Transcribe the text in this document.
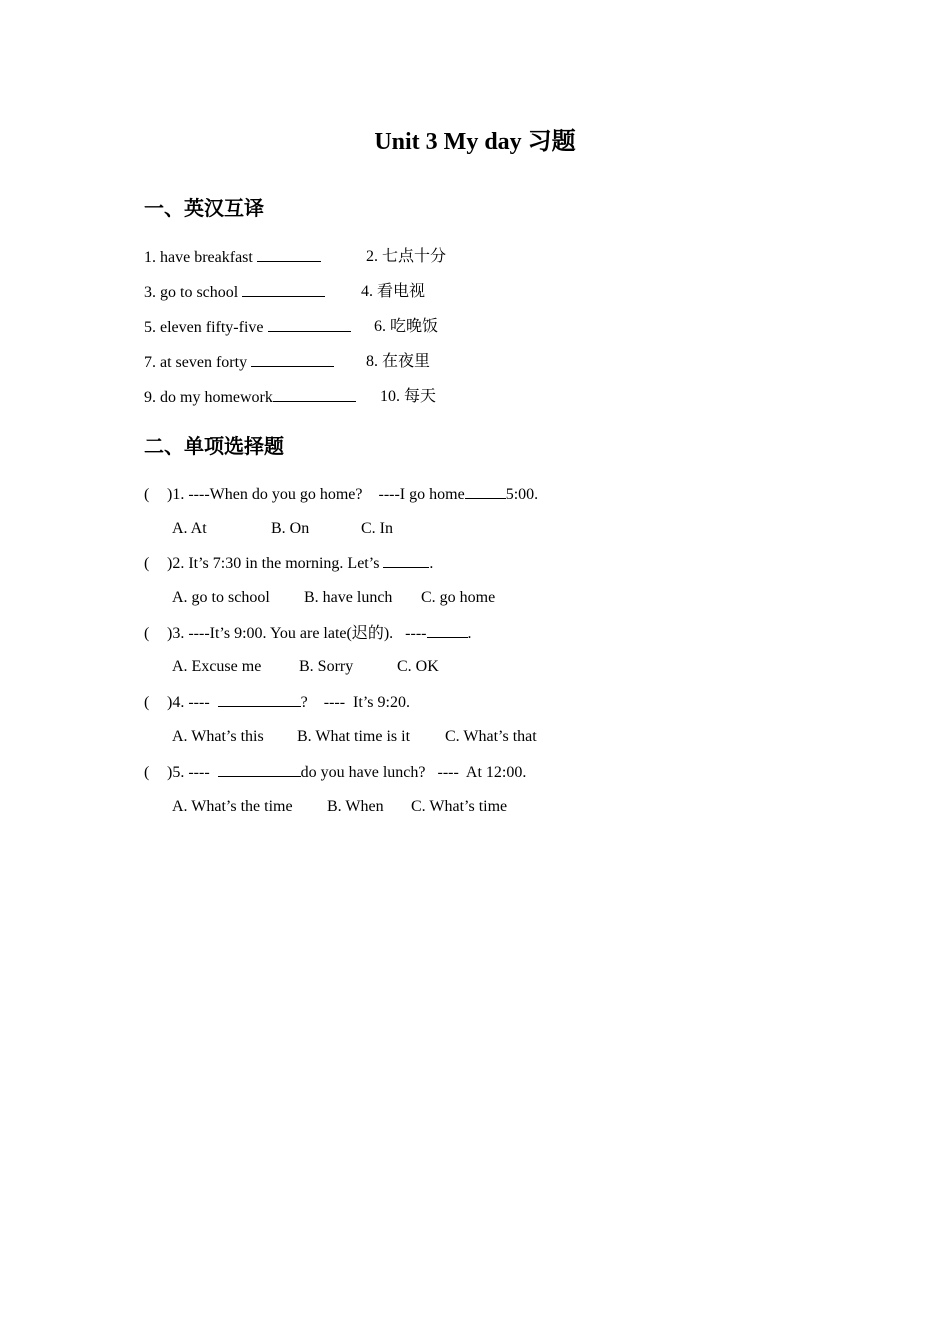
Unit 3 My day 习题
一、英汉互译
1. have breakfast	2. 七点十分
3. go to school	4. 看电视
5. eleven fifty-five	6. 吃晚饭
7. at seven forty	8. 在夜里
9. do my homework	10. 每天
二、单项选择题
( )1. ----When do you go home?    ----I go home	5:00.
A. At	B. On	C. In
( )2. It’s 7:30 in the morning. Let’s	.
A. go to school B. have lunch C. go home
( )3. ----It’s 9:00. You are late(迟的).   ----	.
A. Excuse me B. Sorry	C. OK
( )4. ----	?    ----  It’s 9:20.
A. What’s this B. What time is it C. What’s that
( )5. ----	do you have lunch?   ----  At 12:00.
A. What’s the time B. When C. What’s time
